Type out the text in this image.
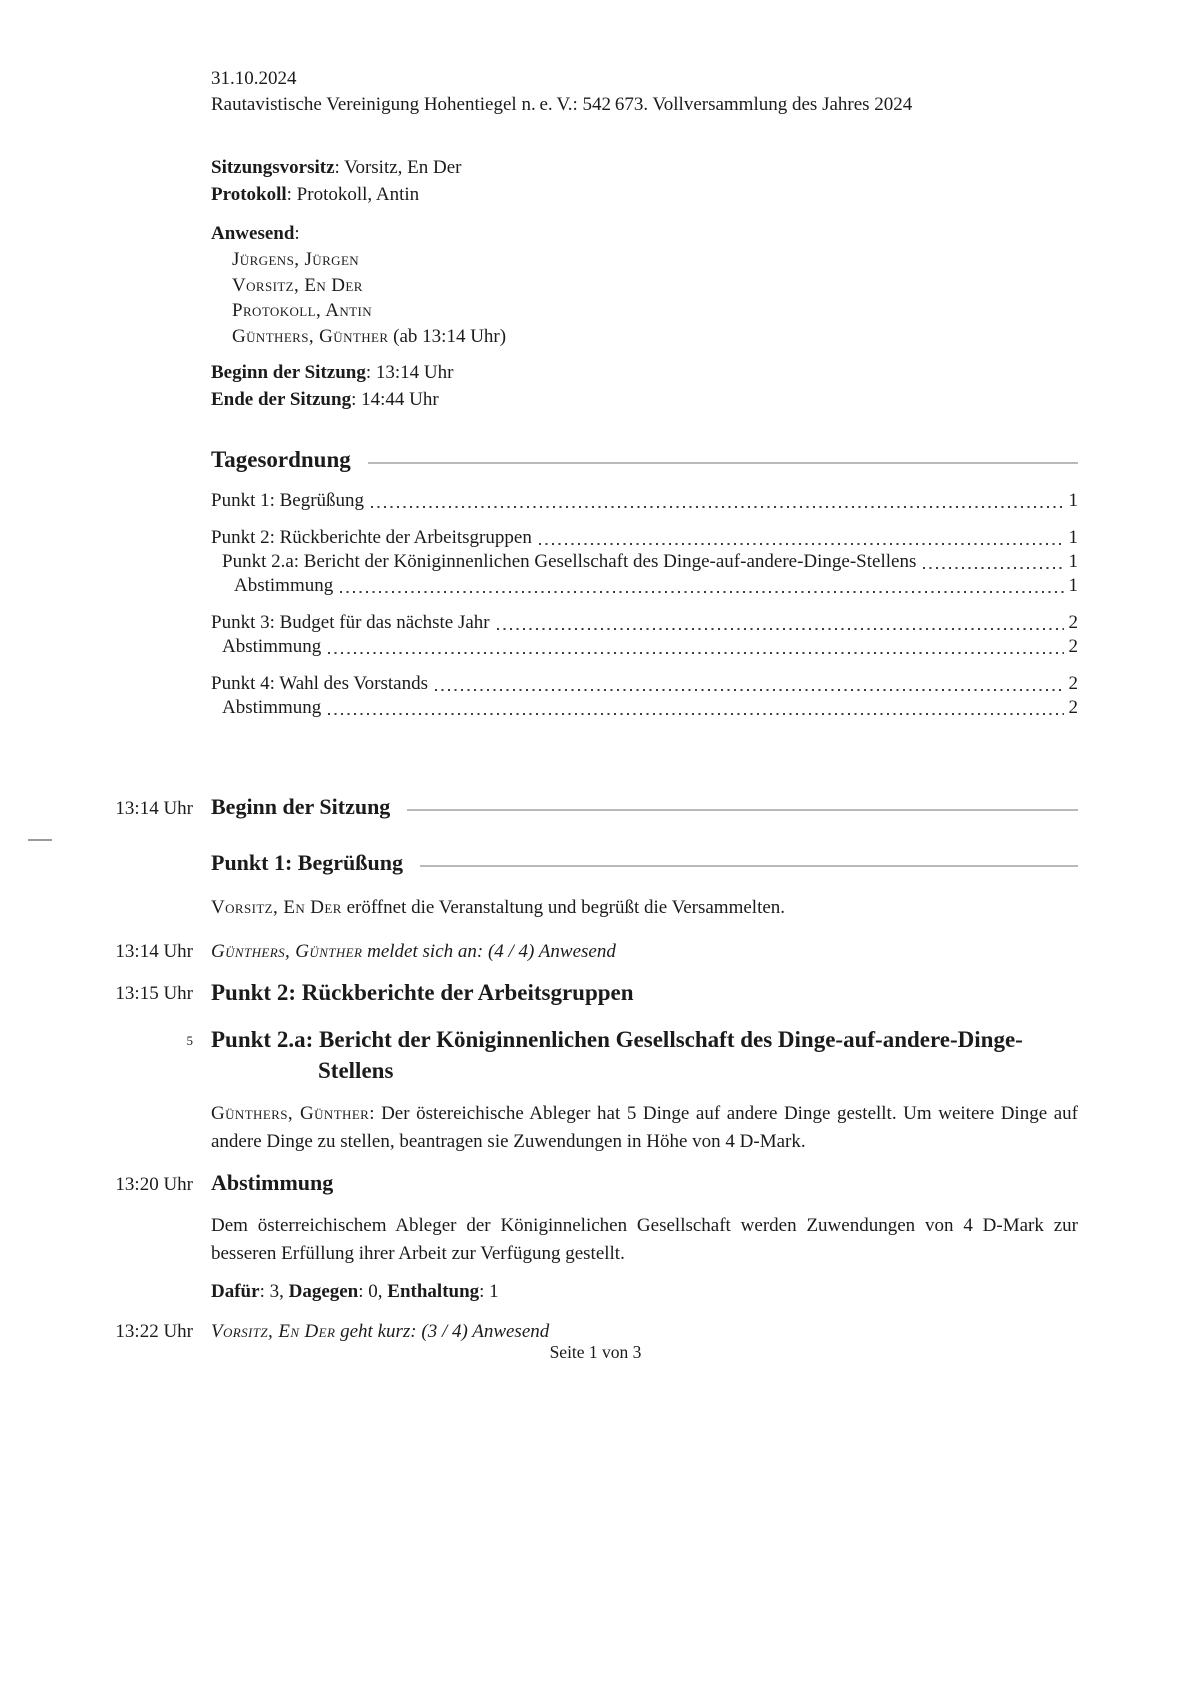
31.10.2024
Rautavistische Vereinigung Hohentiegel n. e. V.: 542 673. Vollversammlung des Jahres 2024
Sitzungsvorsitz: Vorsitz, En Der
Protokoll: Protokoll, Antin
Anwesend:
Jürgens, Jürgen
Vorsitz, En Der
Protokoll, Antin
Günthers, Günther (ab 13:14 Uhr)
Beginn der Sitzung: 13:14 Uhr
Ende der Sitzung: 14:44 Uhr
Tagesordnung
Punkt 1: Begrüßung	1
Punkt 2: Rückberichte der Arbeitsgruppen	1
Punkt 2.a: Bericht der Königinnenlichen Gesellschaft des Dinge-auf-andere-Dinge-Stellens	1
Abstimmung	1
Punkt 3: Budget für das nächste Jahr	2
Abstimmung	2
Punkt 4: Wahl des Vorstands	2
Abstimmung	2
13:14 Uhr Beginn der Sitzung
Punkt 1: Begrüßung

Vorsitz, En Der eröffnet die Veranstaltung und begrüßt die Versammelten.

13:14 Uhr Günthers, Günther meldet sich an: (4 / 4) Anwesend
13:15 Uhr Punkt 2: Rückberichte der Arbeitsgruppen
5 Punkt 2.a: Bericht der Königinnenlichen Gesellschaft des Dinge-auf-andere-Dinge-Stellens

Günthers, Günther: Der östereichische Ableger hat 5 Dinge auf andere Dinge gestellt. Um weitere Dinge auf andere Dinge zu stellen, beantragen sie Zuwendungen in Höhe von 4 D-Mark.

13:20 Uhr Abstimmung

Dem österreichischem Ableger der Königinnelichen Gesellschaft werden Zuwendungen von 4 D-Mark zur besseren Erfüllung ihrer Arbeit zur Verfügung gestellt.

Dafür: 3, Dagegen: 0, Enthaltung: 1
13:22 Uhr Vorsitz, En Der geht kurz: (3 / 4) Anwesend
Seite 1 von 3
